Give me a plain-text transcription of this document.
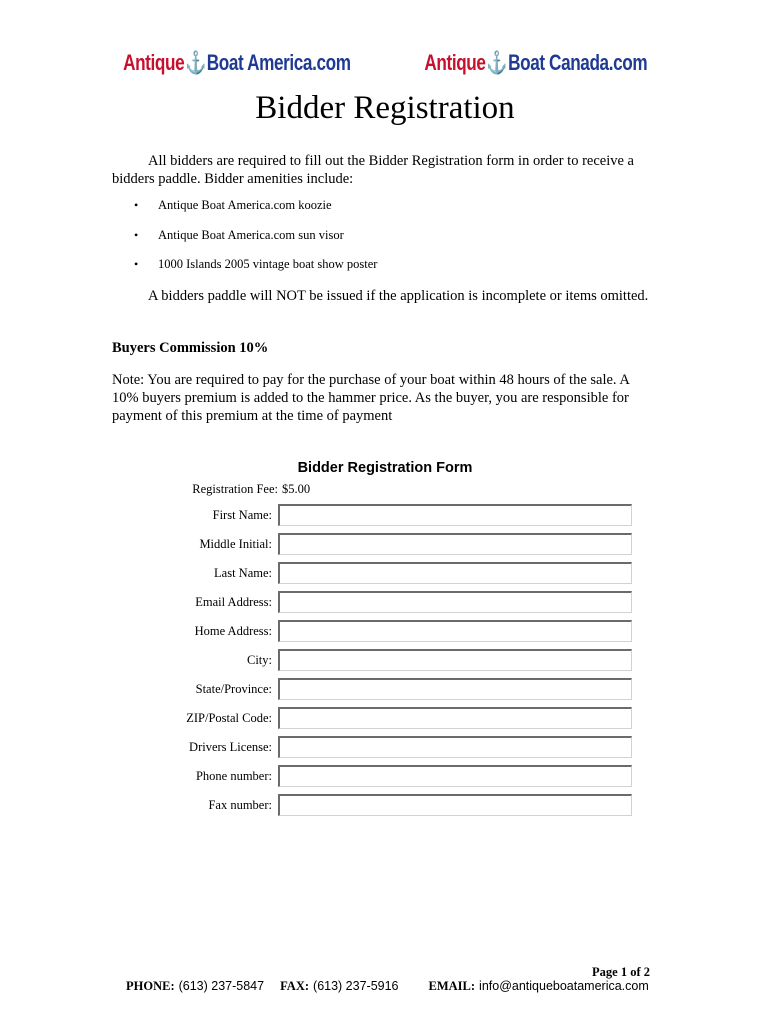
Antique ⚓ Boat America.com	Antique ⚓ Boat Canada.com
Bidder Registration
All bidders are required to fill out the Bidder Registration form in order to receive a bidders paddle. Bidder amenities include:
•	Antique Boat America.com koozie
•	Antique Boat America.com sun visor
•	1000 Islands 2005 vintage boat show poster
A bidders paddle will NOT be issued if the application is incomplete or items omitted.
Buyers Commission 10%
Note: You are required to pay for the purchase of your boat within 48 hours of the sale. A 10% buyers premium is added to the hammer price. As the buyer, you are responsible for payment of this premium at the time of payment
Bidder Registration Form
Registration Fee: $5.00
First Name:
Middle Initial:
Last Name:
Email Address:
Home Address:
City:
State/Province:
ZIP/Postal Code:
Drivers License:
Phone number:
Fax number:
Page 1 of 2
PHONE: (613) 237-5847 FAX: (613) 237-5916 EMAIL: info@antiqueboatamerica.com
